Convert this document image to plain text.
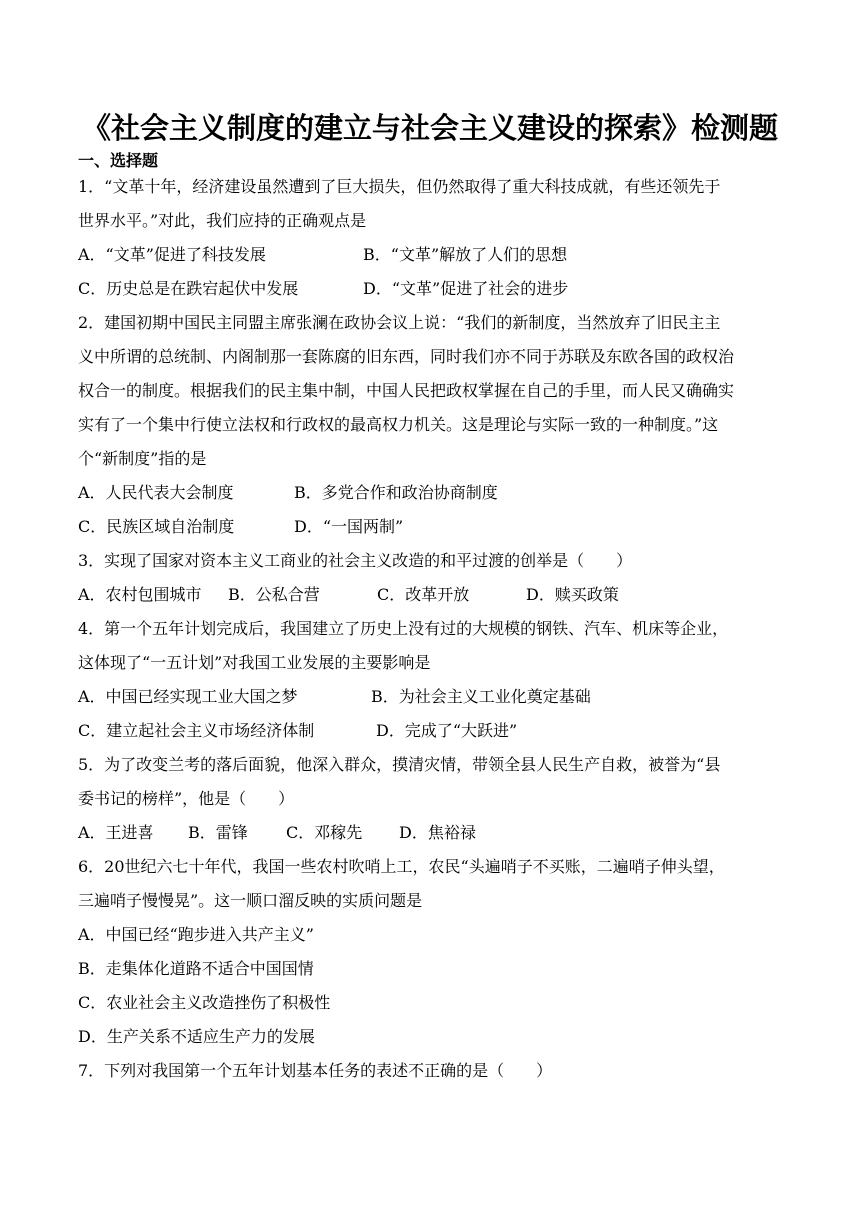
《社会主义制度的建立与社会主义建设的探索》检测题
一、选择题
1．“文革十年，经济建设虽然遭到了巨大损失，但仍然取得了重大科技成就，有些还领先于
世界水平。”对此，我们应持的正确观点是
A．“文革”促进了科技发展	B．“文革”解放了人们的思想
C．历史总是在跌宕起伏中发展	D．“文革”促进了社会的进步
2．建国初期中国民主同盟主席张澜在政协会议上说：“我们的新制度，当然放弃了旧民主主
义中所谓的总统制、内阁制那一套陈腐的旧东西，同时我们亦不同于苏联及东欧各国的政权治
权合一的制度。根据我们的民主集中制，中国人民把政权掌握在自己的手里，而人民又确确实
实有了一个集中行使立法权和行政权的最高权力机关。这是理论与实际一致的一种制度。”这
个“新制度”指的是
A．人民代表大会制度	B．多党合作和政治协商制度
C．民族区域自治制度	D．“一国两制”
3．实现了国家对资本主义工商业的社会主义改造的和平过渡的创举是（　　）
A．农村包围城市 B．公私合营	C．改革开放	D．赎买政策
4．第一个五年计划完成后，我国建立了历史上没有过的大规模的钢铁、汽车、机床等企业，
这体现了“一五计划”对我国工业发展的主要影响是
A．中国已经实现工业大国之梦	B．为社会主义工业化奠定基础
C．建立起社会主义市场经济体制	D．完成了“大跃进”
5．为了改变兰考的落后面貌，他深入群众，摸清灾情，带领全县人民生产自救，被誉为“县
委书记的榜样”，他是（　　）
A．王进喜 B．雷锋 C．邓稼先 D．焦裕禄
6．20世纪六七十年代，我国一些农村吹哨上工，农民“头遍哨子不买账，二遍哨子伸头望，
三遍哨子慢慢晃”。这一顺口溜反映的实质问题是
A．中国已经“跑步进入共产主义”
B．走集体化道路不适合中国国情
C．农业社会主义改造挫伤了积极性
D．生产关系不适应生产力的发展
7．下列对我国第一个五年计划基本任务的表述不正确的是（　　）
